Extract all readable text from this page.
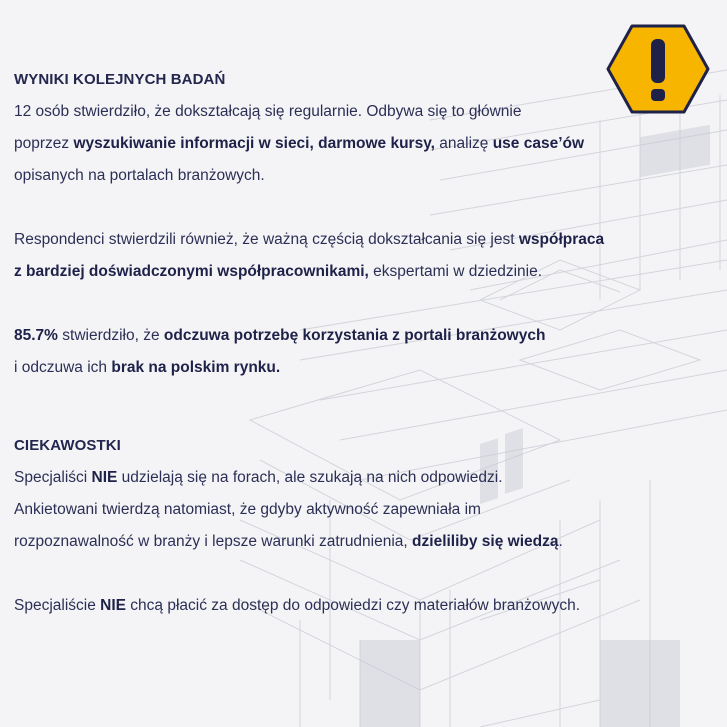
WYNIKI KOLEJNYCH BADAŃ

12 osób stwierdziło, że dokształcają się regularnie. Odbywa się to głównie
poprzez wyszukiwanie informacji w sieci, darmowe kursy, analizę use case’ów
opisanych na portalach branżowych.

Respondenci stwierdzili również, że ważną częścią dokształcania się jest współpraca
z bardziej doświadczonymi współpracownikami, ekspertami w dziedzinie.

85.7% stwierdziło, że odczuwa potrzebę korzystania z portali branżowych
i odczuwa ich brak na polskim rynku.

CIEKAWOSTKI

Specjaliści NIE udzielają się na forach, ale szukają na nich odpowiedzi.
Ankietowani twierdzą natomiast, że gdyby aktywność zapewniała im
rozpoznawalność w branży i lepsze warunki zatrudnienia, dzieliliby się wiedzą.

Specjaliście NIE chcą płacić za dostęp do odpowiedzi czy materiałów branżowych.
